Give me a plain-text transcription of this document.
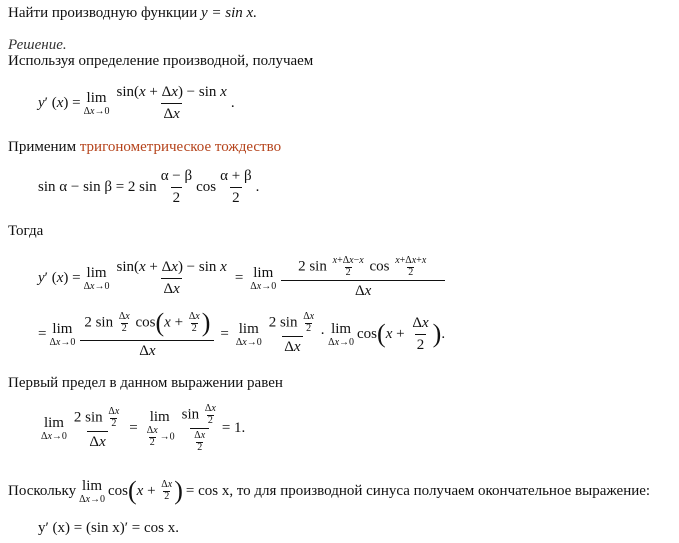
Найти производную функции y = sin x.
Решение.
Используя определение производной, получаем
y ′ ( x ) = lim
$\Delta x\to 0 \frac{\text{sin(x + Δx) − sin x}}{\Delta x}$ .
Применим тригонометрическое тождество
sin α − sin β = 2 $\sin \frac{\alpha - \beta}{2}$ $\cos \frac{\alpha + \beta}{2}$ .
Тогда
y ′ ( x ) = lim
$\Delta x\to 0 \frac{\text{sin(x + Δx) − sin x}}{\Delta x} = \lim$
$\Delta x\to 0 \frac{2 \sin \frac{x+\Delta x-x}{2} \cos \frac{x+\Delta x+x}{2}}{\Delta x}$
= lim
$\Delta x\to 0 \frac{2 \sin \frac{\Delta x}{2} \cos(x + \frac{\Delta x}{2} )}{\Delta x} = \lim$
$\Delta x\to 0 \frac{2 \sin \frac{\Delta x}{2}}{\Delta x} \cdot \lim$
Δx→0
cos ( $x + \frac{\Delta x}{2}$ ) .
Первый предел в данном выражении равен
lim
$\Delta x\to 0 \frac{2 \sin \frac{\Delta x}{2}}{\Delta x}$ =
lim
$\frac{\Delta x}{2} \to 0 \frac{\sin \frac{\Delta x}{2}}{\frac{\Delta x}{2}} = 1$.
Поскольку lim
Δx→0
cos ( $x + \frac{\Delta x}{2}$ ) = cos x, то для производной синуса получаем окончательное выражение:
y′ (x) = (sin x)′ = cos x.
